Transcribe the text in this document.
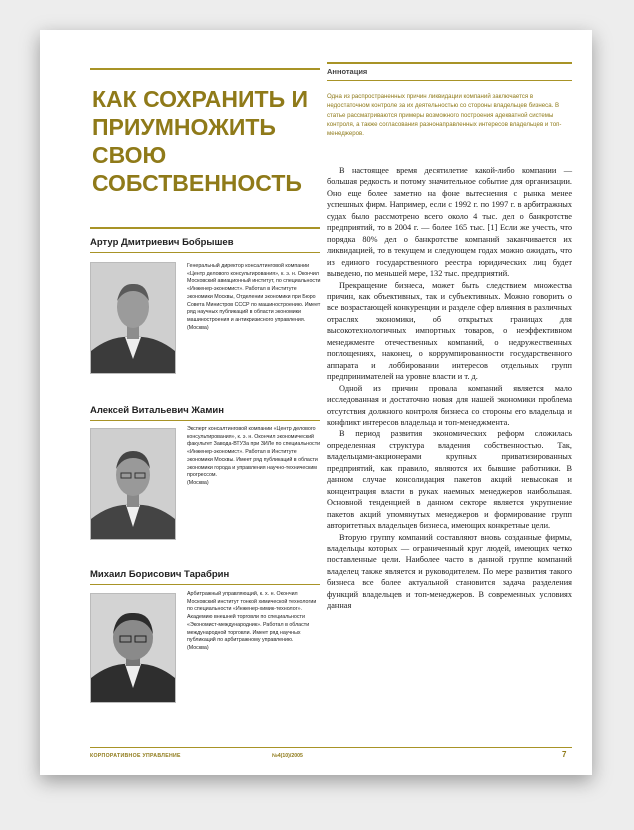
КАК СОХРАНИТЬ И ПРИУМНОЖИТЬ СВОЮ СОБСТВЕННОСТЬ
Артур Дмитриевич Бобрышев

Генеральный директор консалтинговой компании «Центр делового консультирования», к. э. н. Окончил Московский авиационный институт, по специальности «Инженер-экономист». Работал в Институте экономики Москвы, Отделении экономики при Бюро Совета Министров СССР по машиностроению. Имеет ряд научных публикаций в области экономики машиностроения и антикризисного управления.
(Москва)

Алексей Витальевич Жамин

Эксперт консалтинговой компании «Центр делового консультирования», к. э. н. Окончил экономический факультет Завода-ВТУЗа при ЗИЛе по специальности «Инженер-экономист». Работал в Институте экономики Москвы. Имеет ряд публикаций в области экономики города и управления научно-техническим прогрессом.
(Москва)

Михаил Борисович Тарабрин

Арбитражный управляющий, к. х. н. Окончил Московский институт тонкой химической технологии по специальности «Инженер-химик-технолог». Академию внешней торговли по специальности «Экономист-международник». Работал в области международной торговли. Имеет ряд научных публикаций по арбитражному управлению.
(Москва)

Аннотация

Одна из распространенных причин ликвидации компаний заключается в недостаточном контроле за их деятельностью со стороны владельцев бизнеса. В статье рассматриваются примеры возможного построения адекватной системы контроля, а также согласования разнонаправленных интересов владельцев и топ-менеджеров.

В настоящее время десятилетие какой-либо компании — большая редкость и потому значительное событие для организации. Оно еще более заметно на фоне вытеснения с рынка менее успешных фирм. Например, если с 1992 г. по 1997 г. в арбитражных судах было рассмотрено всего около 4 тыс. дел о банкротстве предприятий, то в 2004 г. — более 165 тыс. [1] Если же учесть, что порядка 80% дел о банкротстве компаний заканчивается их ликвидацией, то в текущем и следующем годах можно ожидать, что из единого государственного реестра юридических лиц будет выведено, по меньшей мере, 132 тыс. предприятий.

Прекращение бизнеса, может быть следствием множества причин, как объективных, так и субъективных. Можно говорить о все возрастающей конкуренции и разделе сфер влияния в различных отраслях экономики, об открытых границах для высокотехнологичных импортных товаров, о неэффективном менеджменте отечественных компаний, о недружественных поглощениях, наконец, о коррумпированности государственного аппарата и лоббировании интересов отдельных групп предпринимателей на уровне власти и т. д.

Одной из причин провала компаний является мало исследованная и достаточно новая для нашей экономики проблема отсутствия должного контроля бизнеса со стороны его владельца и конфликт интересов владельца и топ-менеджмента.

В период развития экономических реформ сложилась определенная структура владения собственностью. Так, владельцами-акционерами крупных приватизированных предприятий, как правило, являются их бывшие работники. В данном случае консолидация пакетов акций невысокая и концентрация власти в руках наемных менеджеров наибольшая. Основной тенденцией в данном секторе является укрупнение пакетов акций упомянутых менеджеров и формирование групп авторитетных владельцев бизнеса, имеющих конкретные цели.

Вторую группу компаний составляют вновь созданные фирмы, владельцы которых — ограниченный круг людей, имеющих четко поставленные цели. Наиболее часто в данной группе компаний владелец также является и руководителем. По мере развития такого бизнеса все более актуальной становится задача разделения функций владельцев и топ-менеджеров. В современных условиях данная

КОРПОРАТИВНОЕ УПРАВЛЕНИЕ	№4(10)/2005	7
